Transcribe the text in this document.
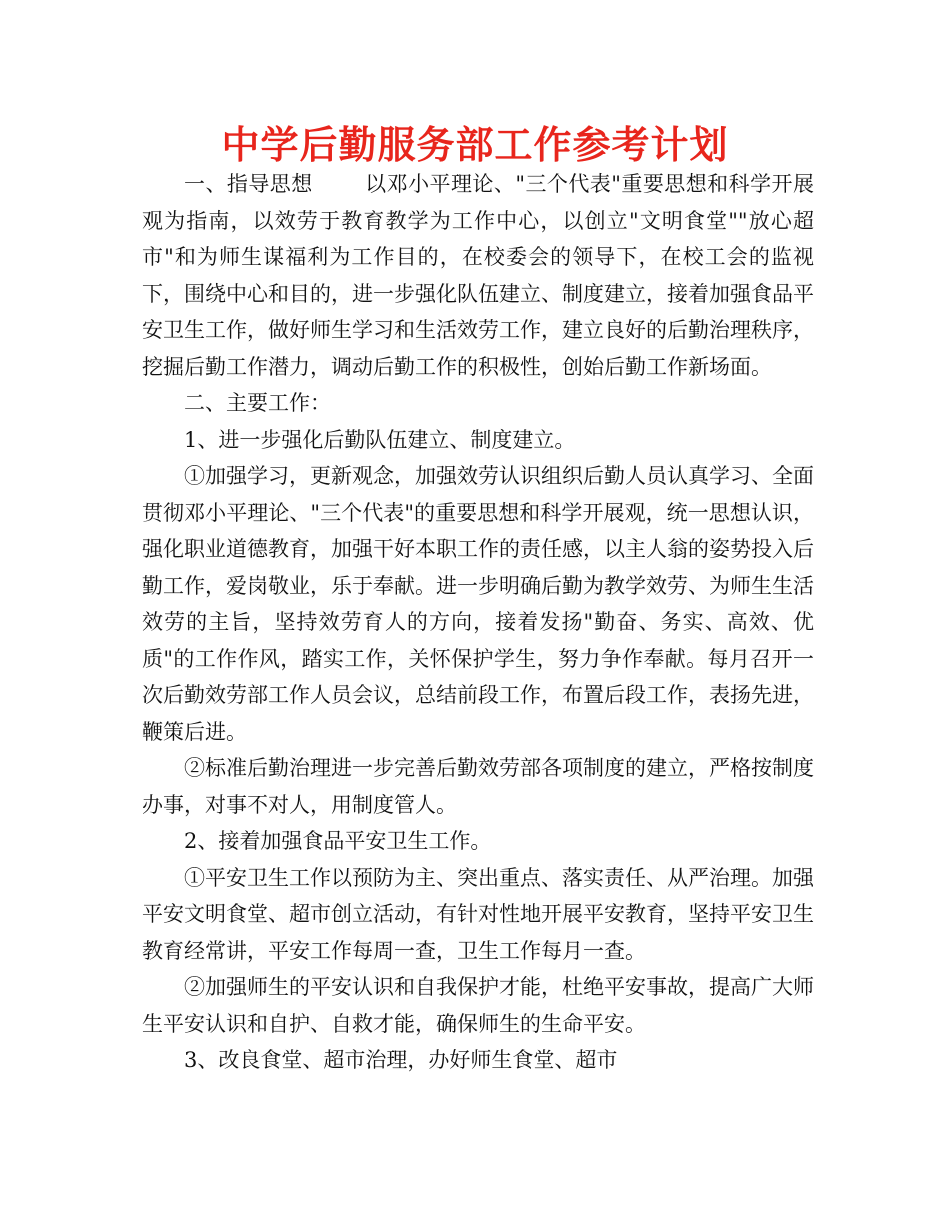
中学后勤服务部工作参考计划

一、指导思想 以邓小平理论、"三个代表"重要思想和科学开展观为指南，以效劳于教育教学为工作中心，以创立"文明食堂""放心超市"和为师生谋福利为工作目的，在校委会的领导下，在校工会的监视下，围绕中心和目的，进一步强化队伍建立、制度建立，接着加强食品平安卫生工作，做好师生学习和生活效劳工作，建立良好的后勤治理秩序，挖掘后勤工作潜力，调动后勤工作的积极性，创始后勤工作新场面。

二、主要工作：

1、进一步强化后勤队伍建立、制度建立。

①加强学习，更新观念，加强效劳认识组织后勤人员认真学习、全面贯彻邓小平理论、"三个代表"的重要思想和科学开展观，统一思想认识，强化职业道德教育，加强干好本职工作的责任感，以主人翁的姿势投入后勤工作，爱岗敬业，乐于奉献。进一步明确后勤为教学效劳、为师生生活效劳的主旨，坚持效劳育人的方向，接着发扬"勤奋、务实、高效、优质"的工作作风，踏实工作，关怀保护学生，努力争作奉献。每月召开一次后勤效劳部工作人员会议，总结前段工作，布置后段工作，表扬先进，鞭策后进。

②标准后勤治理进一步完善后勤效劳部各项制度的建立，严格按制度办事，对事不对人，用制度管人。

2、接着加强食品平安卫生工作。

①平安卫生工作以预防为主、突出重点、落实责任、从严治理。加强平安文明食堂、超市创立活动，有针对性地开展平安教育，坚持平安卫生教育经常讲，平安工作每周一查，卫生工作每月一查。

②加强师生的平安认识和自我保护才能，杜绝平安事故，提高广大师生平安认识和自护、自救才能，确保师生的生命平安。

3、改良食堂、超市治理，办好师生食堂、超市
